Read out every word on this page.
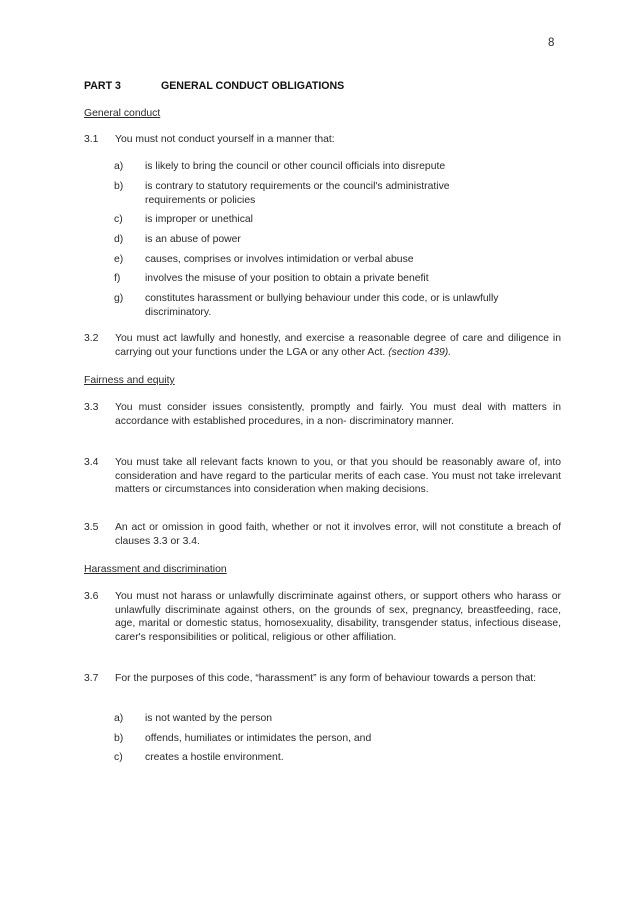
8
PART 3	GENERAL CONDUCT OBLIGATIONS
General conduct
3.1 You must not conduct yourself in a manner that:
a) is likely to bring the council or other council officials into disrepute
b) is contrary to statutory requirements or the council's administrative requirements or policies
c) is improper or unethical
d) is an abuse of power
e) causes, comprises or involves intimidation or verbal abuse
f) involves the misuse of your position to obtain a private benefit
g) constitutes harassment or bullying behaviour under this code, or is unlawfully discriminatory.
3.2 You must act lawfully and honestly, and exercise a reasonable degree of care and diligence in carrying out your functions under the LGA or any other Act. (section 439).
Fairness and equity
3.3 You must consider issues consistently, promptly and fairly. You must deal with matters in accordance with established procedures, in a non- discriminatory manner.
3.4 You must take all relevant facts known to you, or that you should be reasonably aware of, into consideration and have regard to the particular merits of each case. You must not take irrelevant matters or circumstances into consideration when making decisions.
3.5 An act or omission in good faith, whether or not it involves error, will not constitute a breach of clauses 3.3 or 3.4.
Harassment and discrimination
3.6 You must not harass or unlawfully discriminate against others, or support others who harass or unlawfully discriminate against others, on the grounds of sex, pregnancy, breastfeeding, race, age, marital or domestic status, homosexuality, disability, transgender status, infectious disease, carer's responsibilities or political, religious or other affiliation.
3.7 For the purposes of this code, “harassment” is any form of behaviour towards a person that:
a) is not wanted by the person
b) offends, humiliates or intimidates the person, and
c) creates a hostile environment.
